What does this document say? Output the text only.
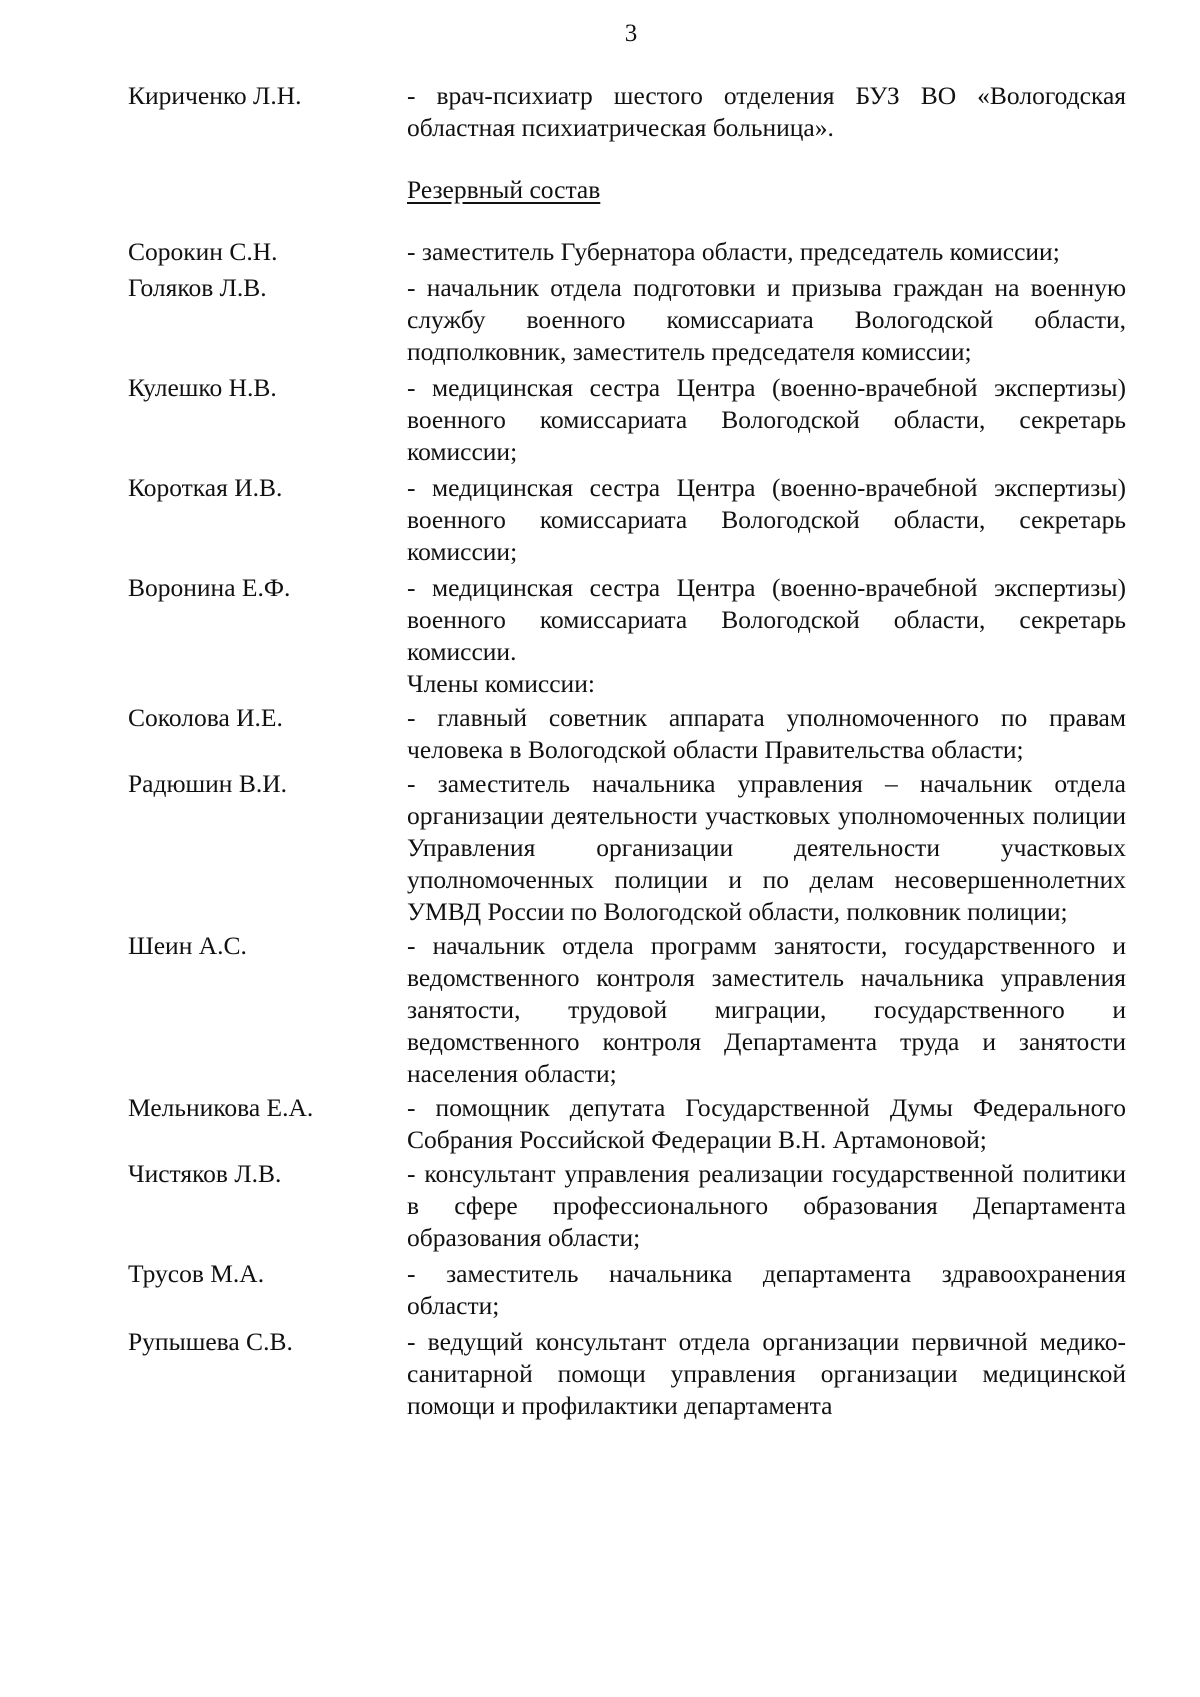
3
Кириченко Л.Н.	- врач-психиатр шестого отделения БУЗ ВО «Вологодская областная психиатрическая больница».
Резервный состав
Сорокин С.Н.	- заместитель Губернатора области, председатель комиссии;
Голяков Л.В.	- начальник отдела подготовки и призыва граждан на военную службу военного комиссариата Вологодской области, подполковник, заместитель председателя комиссии;
Кулешко Н.В.	- медицинская сестра Центра (военно-врачебной экспертизы) военного комиссариата Вологодской области, секретарь комиссии;
Короткая И.В.	- медицинская сестра Центра (военно-врачебной экспертизы) военного комиссариата Вологодской области, секретарь комиссии;
Воронина Е.Ф.	- медицинская сестра Центра (военно-врачебной экспертизы) военного комиссариата Вологодской области, секретарь комиссии.
Члены комиссии:
Соколова И.Е.	- главный советник аппарата уполномоченного по правам человека в Вологодской области Правительства области;
Радюшин В.И.	- заместитель начальника управления – начальник отдела организации деятельности участковых уполномоченных полиции Управления организации деятельности участковых уполномоченных полиции и по делам несовершеннолетних УМВД России по Вологодской области, полковник полиции;
Шеин А.С.	- начальник отдела программ занятости, государственного и ведомственного контроля заместитель начальника управления занятости, трудовой миграции, государственного и ведомственного контроля Департамента труда и занятости населения области;
Мельникова Е.А.	- помощник депутата Государственной Думы Федерального Собрания Российской Федерации В.Н. Артамоновой;
Чистяков Л.В.	- консультант управления реализации государственной политики в сфере профессионального образования Департамента образования области;
Трусов М.А.	- заместитель начальника департамента здравоохранения области;
Рупышева С.В.	- ведущий консультант отдела организации первичной медико-санитарной помощи управления организации медицинской помощи и профилактики департамента
